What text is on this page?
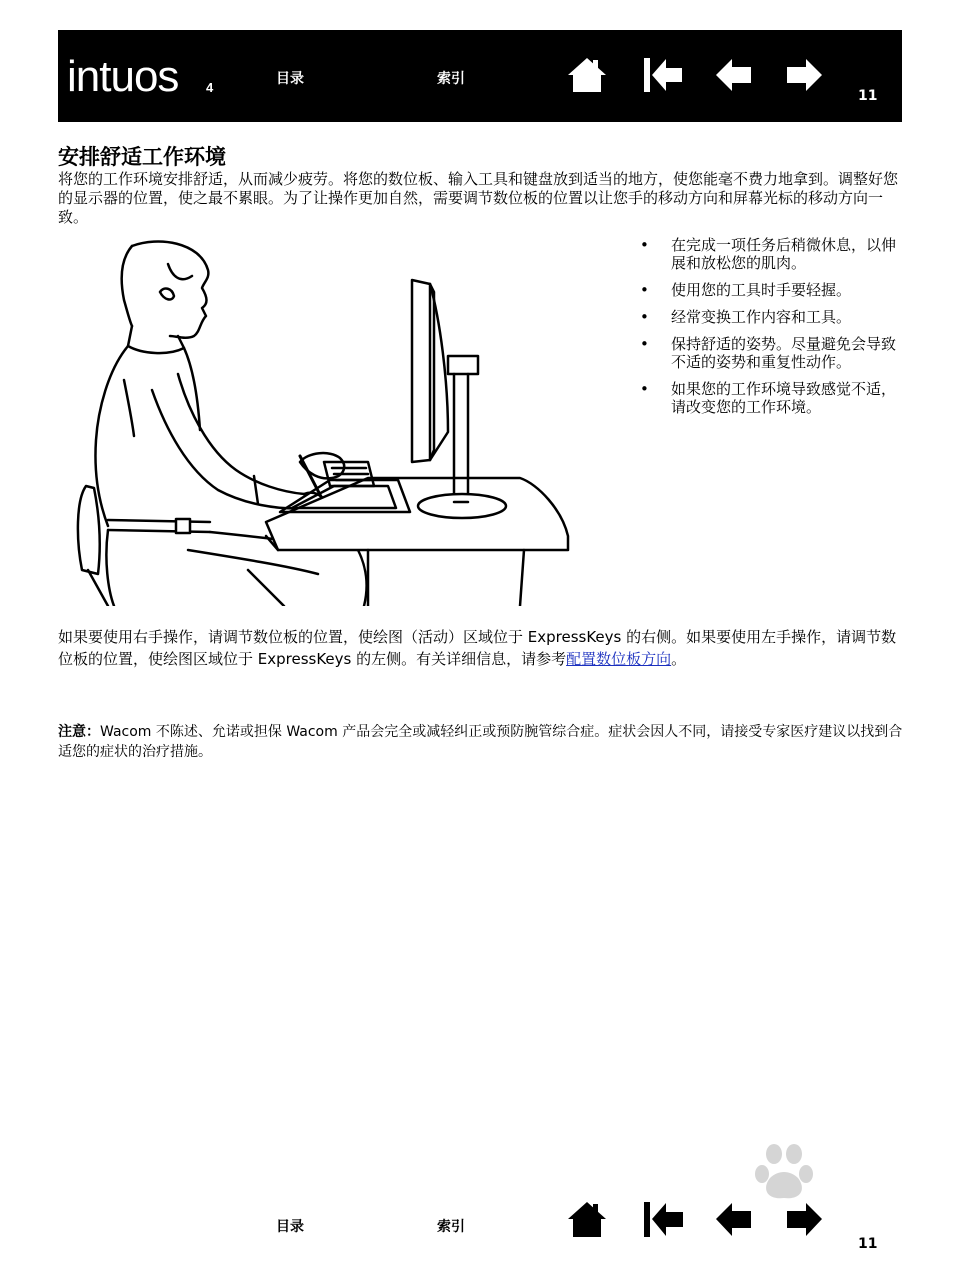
intuos 4
目录	索引
11
安排舒适工作环境
将您的工作环境安排舒适，从而减少疲劳。将您的数位板、输入工具和键盘放到适当的地方，使您能毫不费力地拿到。调整好您的显示器的位置，使之最不累眼。为了让操作更加自然，需要调节数位板的位置以让您手的移动方向和屏幕光标的移动方向一致。
• 在完成一项任务后稍微休息，以伸展和放松您的肌肉。
• 使用您的工具时手要轻握。
• 经常变换工作内容和工具。
• 保持舒适的姿势。尽量避免会导致不适的姿势和重复性动作。
• 如果您的工作环境导致感觉不适，请改变您的工作环境。
如果要使用右手操作，请调节数位板的位置，使绘图（活动）区域位于 ExpressKeys 的右侧。如果要使用左手操作，请调节数位板的位置，使绘图区域位于 ExpressKeys 的左侧。有关详细信息，请参考配置数位板方向。
注意：Wacom 不陈述、允诺或担保 Wacom 产品会完全或减轻纠正或预防腕管综合症。症状会因人不同，请接受专家医疗建议以找到合适您的症状的治疗措施。
目录	索引
11
